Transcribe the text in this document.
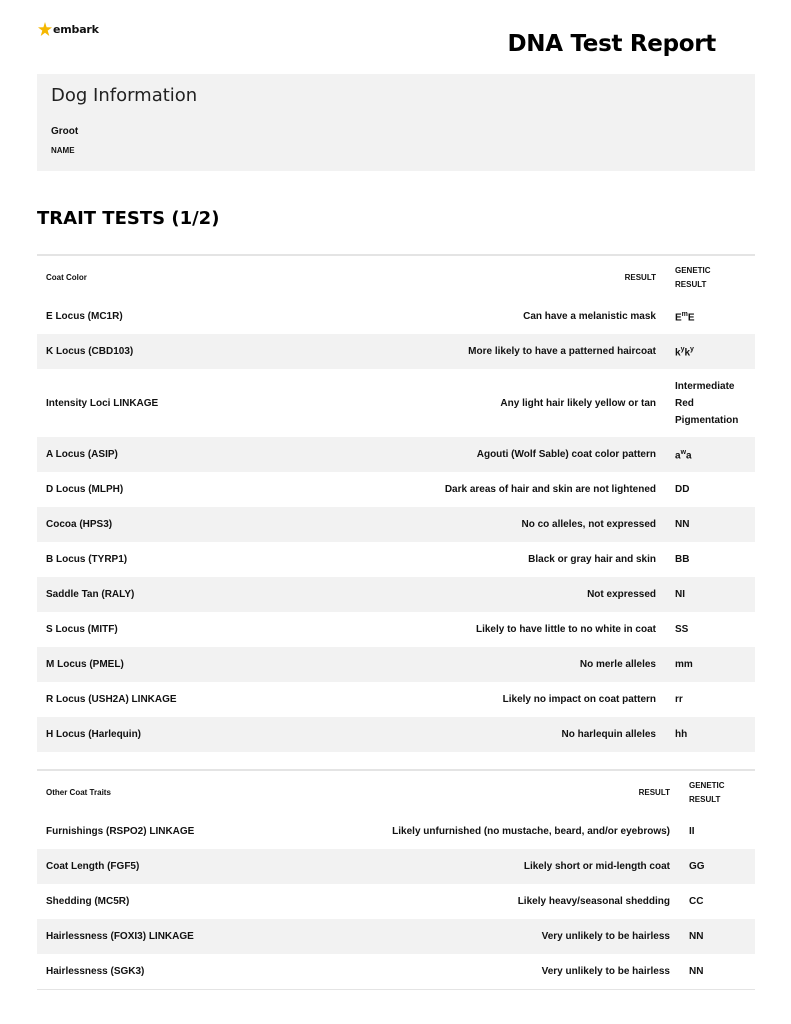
embark
DNA Test Report
Dog Information
Groot
NAME
TRAIT TESTS (1/2)
Coat Color	RESULT	GENETIC
RESULT
E Locus (MC1R)	Can have a melanistic mask	$E^mE$
K Locus (CBD103)	More likely to have a patterned haircoat	$k^yk^y$
Intensity Loci LINKAGE	Any light hair likely yellow or tan	Intermediate Red Pigmentation
A Locus (ASIP)	Agouti (Wolf Sable) coat color pattern	$a^wa$
D Locus (MLPH)	Dark areas of hair and skin are not lightened	DD
Cocoa (HPS3)	No co alleles, not expressed	NN
B Locus (TYRP1)	Black or gray hair and skin	BB
Saddle Tan (RALY)	Not expressed	NI
S Locus (MITF)	Likely to have little to no white in coat	SS
M Locus (PMEL)	No merle alleles	mm
R Locus (USH2A) LINKAGE	Likely no impact on coat pattern	rr
H Locus (Harlequin)	No harlequin alleles	hh
Other Coat Traits	RESULT	GENETIC
RESULT
Furnishings (RSPO2) LINKAGE	Likely unfurnished (no mustache, beard, and/or eyebrows)	II
Coat Length (FGF5)	Likely short or mid-length coat	GG
Shedding (MC5R)	Likely heavy/seasonal shedding	CC
Hairlessness (FOXI3) LINKAGE	Very unlikely to be hairless	NN
Hairlessness (SGK3)	Very unlikely to be hairless	NN
